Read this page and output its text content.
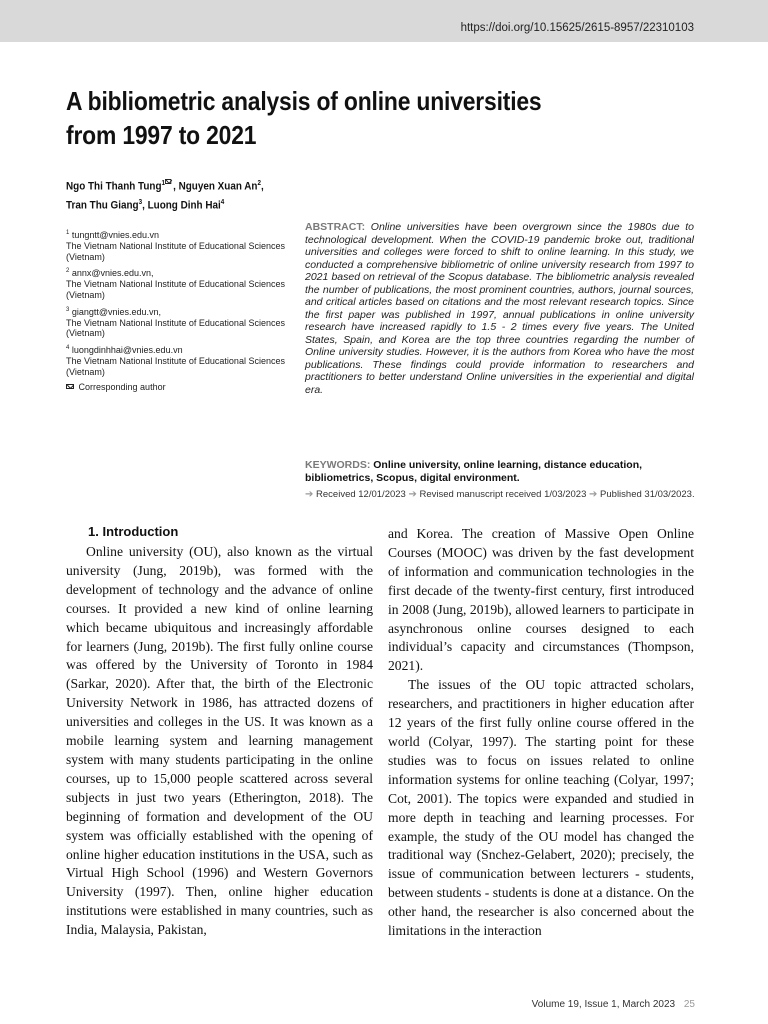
https://doi.org/10.15625/2615-8957/22310103
A bibliometric analysis of online universities from 1997 to 2021
Ngo Thi Thanh Tung$^1$ , Nguyen Xuan An$^2$,
Tran Thu Giang$^3$, Luong Dinh Hai$^4$
$^1$ tungntt@vnies.edu.vn
The Vietnam National Institute of Educational Sciences (Vietnam)
$^2$ annx@vnies.edu.vn,
The Vietnam National Institute of Educational Sciences (Vietnam)
$^3$ giangtt@vnies.edu.vn,
The Vietnam National Institute of Educational Sciences (Vietnam)
$^4$ luongdinhhai@vnies.edu.vn
The Vietnam National Institute of Educational Sciences (Vietnam)
Corresponding author
ABSTRACT: Online universities have been overgrown since the 1980s due to technological development. When the COVID-19 pandemic broke out, traditional universities and colleges were forced to shift to online learning. In this study, we conducted a comprehensive bibliometric of online university research from 1997 to 2021 based on retrieval of the Scopus database. The bibliometric analysis revealed the number of publications, the most prominent countries, authors, journal sources, and critical articles based on citations and the most relevant research topics. Since the first paper was published in 1997, annual publications in online university research have increased rapidly to 1.5 - 2 times every five years. The United States, Spain, and Korea are the top three countries regarding the number of Online university studies. However, it is the authors from Korea who have the most publications. These findings could provide information to researchers and practitioners to better understand Online universities in the experiential and digital era.
KEYWORDS: Online university, online learning, distance education, bibliometrics, Scopus, digital environment.
➔ Received 12/01/2023 ➔ Revised manuscript received 1/03/2023 ➔ Published 31/03/2023.
1. Introduction

Online university (OU), also known as the virtual university (Jung, 2019b), was formed with the development of technology and the advance of online courses. It provided a new kind of online learning which became ubiquitous and increasingly affordable for learners (Jung, 2019b). The first fully online course was offered by the University of Toronto in 1984 (Sarkar, 2020). After that, the birth of the Electronic University Network in 1986, has attracted dozens of universities and colleges in the US. It was known as a mobile learning system and learning management system with many students participating in the online courses, up to 15,000 people scattered across several subjects in just two years (Etherington, 2018). The beginning of formation and development of the OU system was officially established with the opening of online higher education institutions in the USA, such as Virtual High School (1996) and Western Governors University (1997). Then, online higher education institutions were established in many countries, such as India, Malaysia, Pakistan,

and Korea. The creation of Massive Open Online Courses (MOOC) was driven by the fast development of information and communication technologies in the first decade of the twenty-first century, first introduced in 2008 (Jung, 2019b), allowed learners to participate in asynchronous online courses designed to each individual’s capacity and circumstances (Thompson, 2021).

The issues of the OU topic attracted scholars, researchers, and practitioners in higher education after 12 years of the first fully online course offered in the world (Colyar, 1997). The starting point for these studies was to focus on issues related to online information systems for online teaching (Colyar, 1997; Cot, 2001). The topics were expanded and studied in more depth in teaching and learning processes. For example, the study of the OU model has changed the traditional way (Snchez-Gelabert, 2020); precisely, the issue of communication between lecturers - students, between students - students is done at a distance. On the other hand, the researcher is also concerned about the limitations in the interaction

Volume 19, Issue 1, March 2023 25
